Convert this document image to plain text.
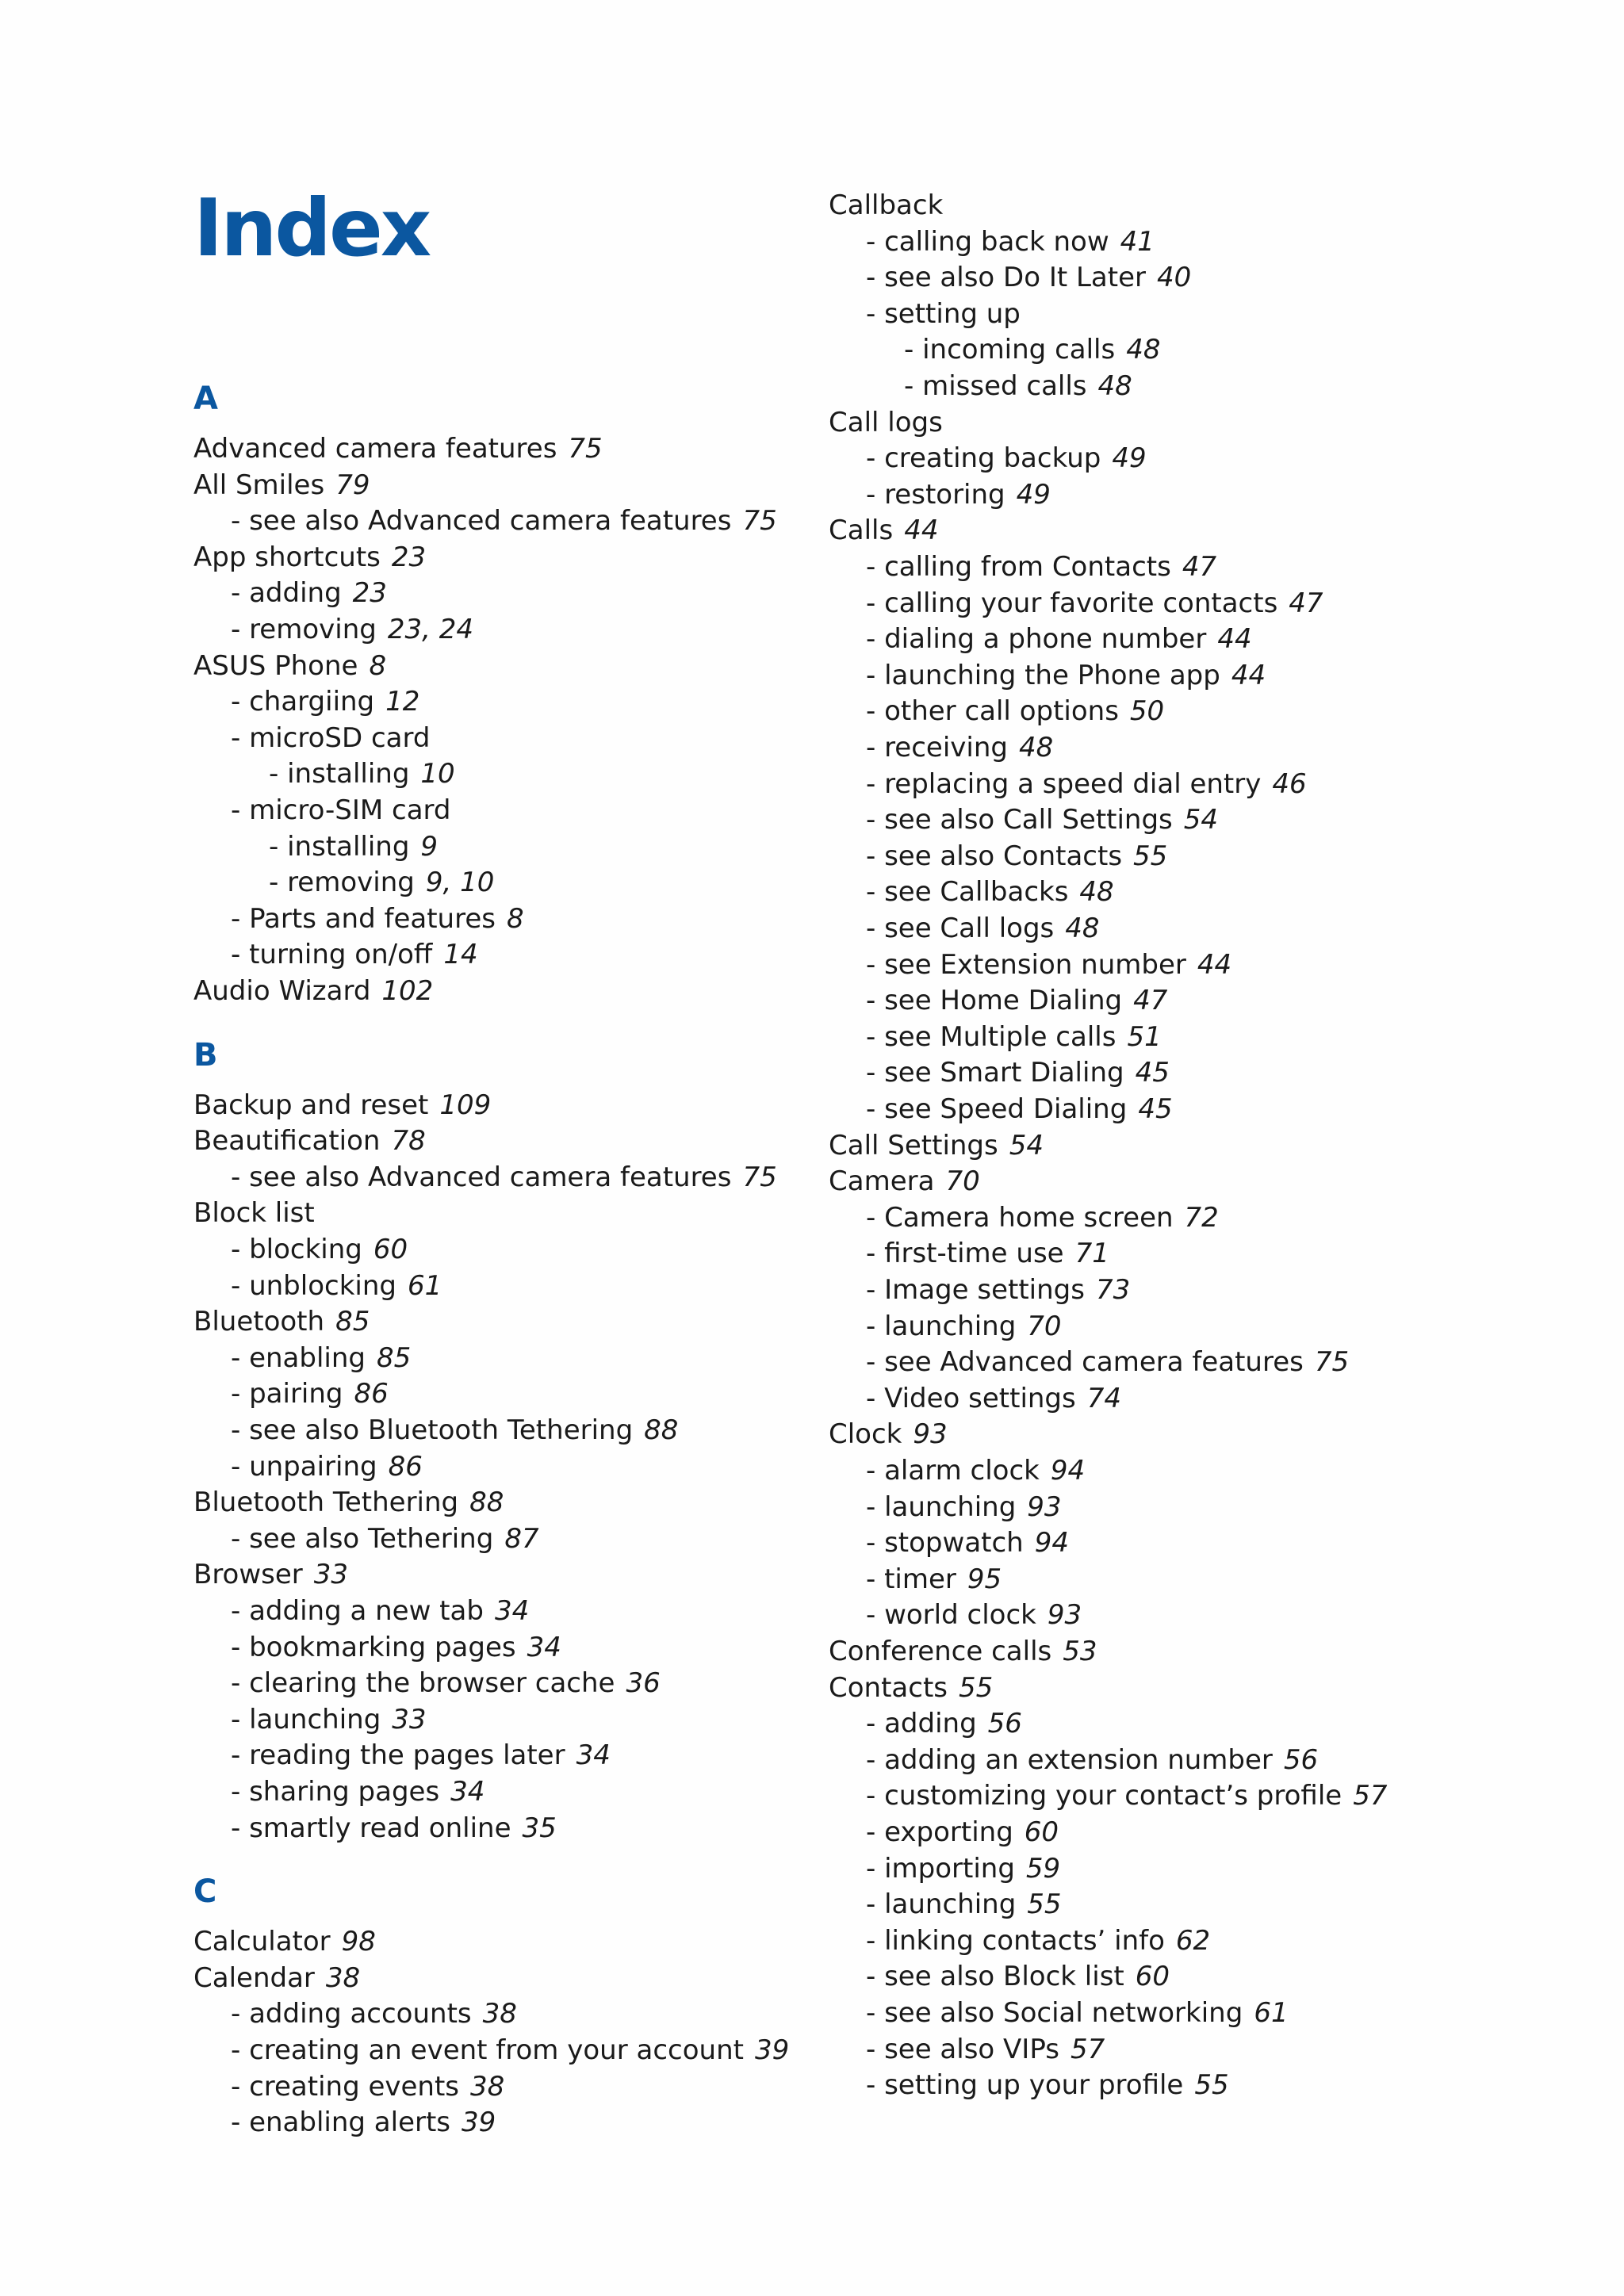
Index
A
Advanced camera features 75
All Smiles 79
- see also Advanced camera features 75
App shortcuts 23
- adding 23
- removing 23, 24
ASUS Phone 8
- chargiing 12
- microSD card
- installing 10
- micro-SIM card
- installing 9
- removing 9, 10
- Parts and features 8
- turning on/off 14
Audio Wizard 102
B
Backup and reset 109
Beautification 78
- see also Advanced camera features 75
Block list
- blocking 60
- unblocking 61
Bluetooth 85
- enabling 85
- pairing 86
- see also Bluetooth Tethering 88
- unpairing 86
Bluetooth Tethering 88
- see also Tethering 87
Browser 33
- adding a new tab 34
- bookmarking pages 34
- clearing the browser cache 36
- launching 33
- reading the pages later 34
- sharing pages 34
- smartly read online 35
C
Calculator 98
Calendar 38
- adding accounts 38
- creating an event from your account 39
- creating events 38
- enabling alerts 39
Callback
- calling back now 41
- see also Do It Later 40
- setting up
- incoming calls 48
- missed calls 48
Call logs
- creating backup 49
- restoring 49
Calls 44
- calling from Contacts 47
- calling your favorite contacts 47
- dialing a phone number 44
- launching the Phone app 44
- other call options 50
- receiving 48
- replacing a speed dial entry 46
- see also Call Settings 54
- see also Contacts 55
- see Callbacks 48
- see Call logs 48
- see Extension number 44
- see Home Dialing 47
- see Multiple calls 51
- see Smart Dialing 45
- see Speed Dialing 45
Call Settings 54
Camera 70
- Camera home screen 72
- first-time use 71
- Image settings 73
- launching 70
- see Advanced camera features 75
- Video settings 74
Clock 93
- alarm clock 94
- launching 93
- stopwatch 94
- timer 95
- world clock 93
Conference calls 53
Contacts 55
- adding 56
- adding an extension number 56
- customizing your contact’s profile 57
- exporting 60
- importing 59
- launching 55
- linking contacts’ info 62
- see also Block list 60
- see also Social networking 61
- see also VIPs 57
- setting up your profile 55
